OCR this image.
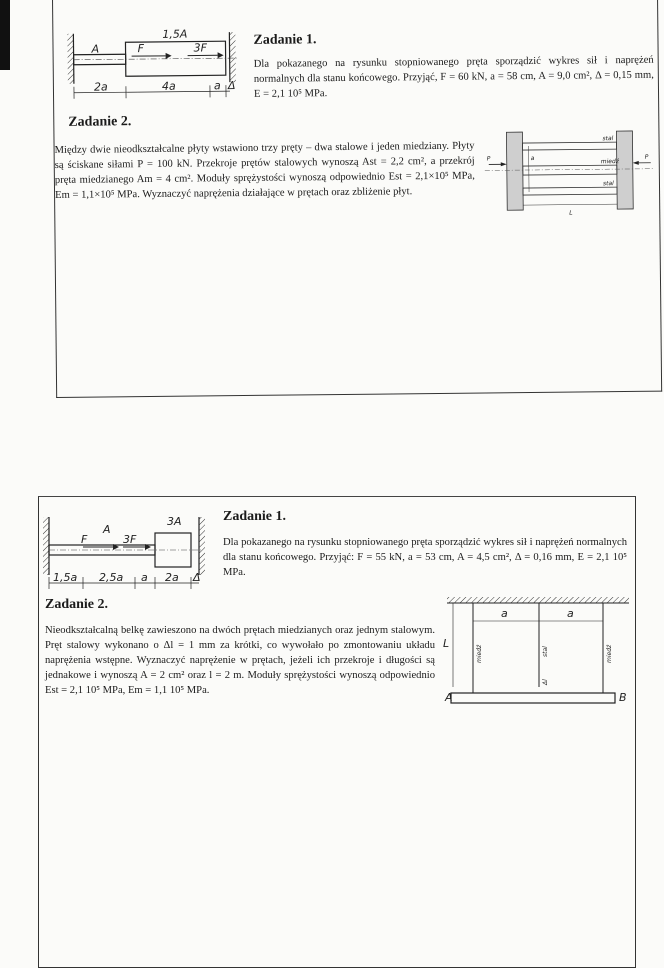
A
1,5A
F	3F
2a	4a	a Δ
Zadanie 1.
Dla pokazanego na rysunku stopniowanego pręta sporządzić wykres sił i naprężeń normalnych dla stanu końcowego. Przyjąć, F = 60 kN, a = 58 cm, A = 9,0 cm², Δ = 0,15 mm, E = 2,1 10⁵ MPa.
Zadanie 2.
Między dwie nieodkształcalne płyty wstawiono trzy pręty – dwa stalowe i jeden miedziany. Płyty są ściskane siłami P = 100 kN. Przekroje prętów stalowych wynoszą Ast = 2,2 cm², a przekrój pręta miedzianego Am = 4 cm². Moduły sprężystości wynoszą odpowiednio Est = 2,1×10⁵ MPa, Em = 1,1×10⁵ MPa. Wyznaczyć naprężenia działające w prętach oraz zbliżenie płyt.
P	P
stal
miedź
stal
a
L
A
3A
F	3F
1,5a 2,5a a 2a Δ
Zadanie 1.
Dla pokazanego na rysunku stopniowanego pręta sporządzić wykres sił i naprężeń normalnych dla stanu końcowego. Przyjąć: F = 55 kN, a = 53 cm, A = 4,5 cm², Δ = 0,16 mm, E = 2,1 10⁵ MPa.
Zadanie 2.
Nieodkształcalną belkę zawieszono na dwóch prętach miedzianych oraz jednym stalowym. Pręt stalowy wykonano o Δl = 1 mm za krótki, co wywołało po zmontowaniu układu naprężenia wstępne. Wyznaczyć naprężenie w prętach, jeżeli ich przekroje i długości są jednakowe i wynoszą A = 2 cm² oraz l = 2 m. Moduły sprężystości wynoszą odpowiednio Est = 2,1 10⁵ MPa, Em = 1,1 10⁵ MPa.
a	a
L
miedź	stal	miedź
Δl
A	B
